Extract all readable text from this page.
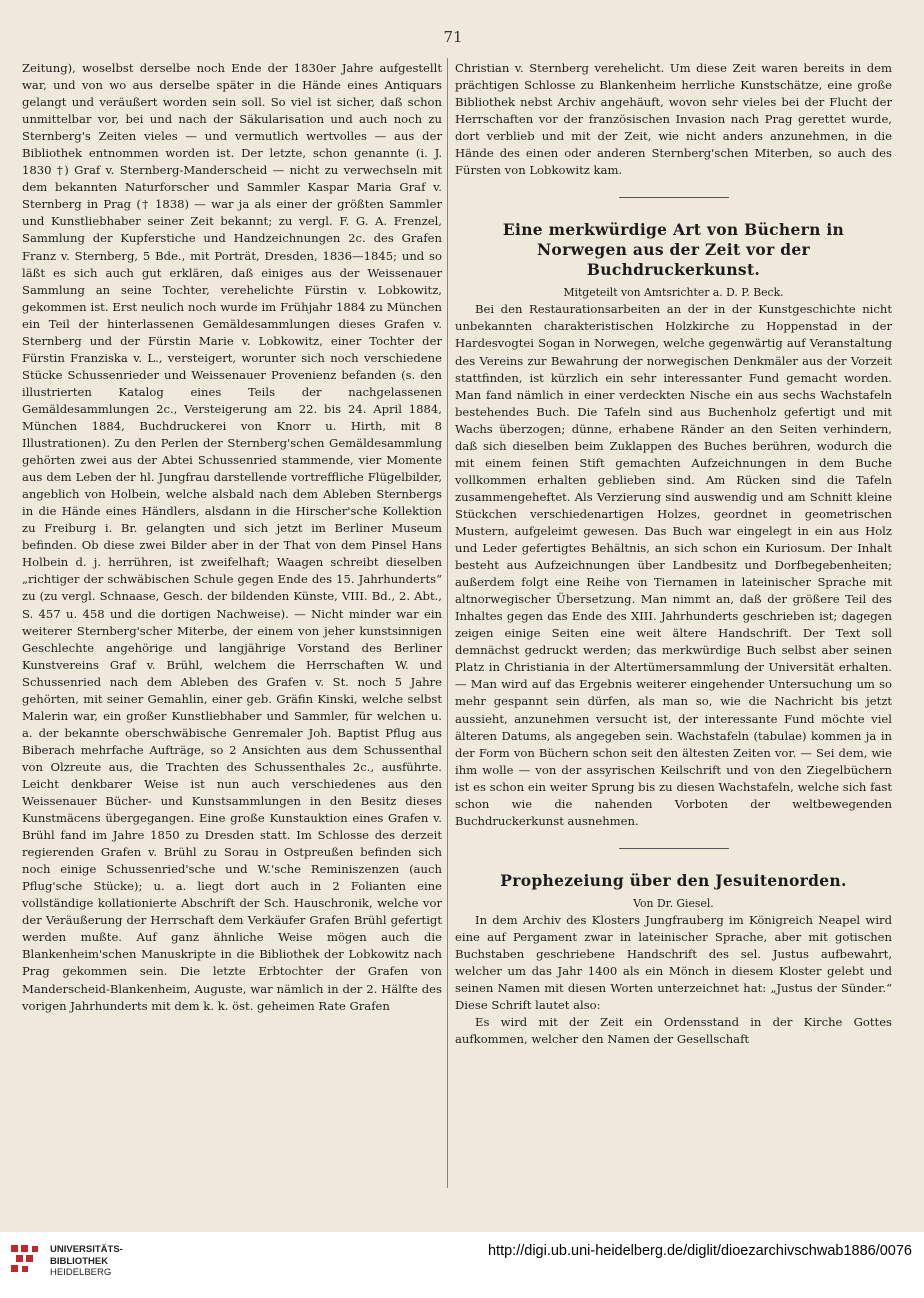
71

Zeitung), woselbst derselbe noch Ende der 1830er Jahre aufgestellt war, und von wo aus derselbe später in die Hände eines Antiquars gelangt und veräußert worden sein soll. So viel ist sicher, daß schon unmittelbar vor, bei und nach der Säkularisation und auch noch zu Sternberg's Zeiten vieles — und vermutlich wertvolles — aus der Bibliothek entnommen worden ist. Der letzte, schon genannte (i. J. 1830 †) Graf v. Sternberg-Manderscheid — nicht zu verwechseln mit dem bekannten Naturforscher und Sammler Kaspar Maria Graf v. Sternberg in Prag († 1838) — war ja als einer der größten Sammler und Kunstliebhaber seiner Zeit bekannt; zu vergl. F. G. A. Frenzel, Sammlung der Kupferstiche und Handzeichnungen 2c. des Grafen Franz v. Sternberg, 5 Bde., mit Porträt, Dresden, 1836—1845; und so läßt es sich auch gut erklären, daß einiges aus der Weissenauer Sammlung an seine Tochter, verehelichte Fürstin v. Lobkowitz, gekommen ist. Erst neulich noch wurde im Frühjahr 1884 zu München ein Teil der hinterlassenen Gemäldesammlungen dieses Grafen v. Sternberg und der Fürstin Marie v. Lobkowitz, einer Tochter der Fürstin Franziska v. L., versteigert, worunter sich noch verschiedene Stücke Schussenrieder und Weissenauer Provenienz befanden (s. den illustrierten Katalog eines Teils der nachgelassenen Gemäldesammlungen 2c., Versteigerung am 22. bis 24. April 1884, München 1884, Buchdruckerei von Knorr u. Hirth, mit 8 Illustrationen). Zu den Perlen der Sternberg'schen Gemäldesammlung gehörten zwei aus der Abtei Schussenried stammende, vier Momente aus dem Leben der hl. Jungfrau darstellende vortreffliche Flügelbilder, angeblich von Holbein, welche alsbald nach dem Ableben Sternbergs in die Hände eines Händlers, alsdann in die Hirscher'sche Kollektion zu Freiburg i. Br. gelangten und sich jetzt im Berliner Museum befinden. Ob diese zwei Bilder aber in der That von dem Pinsel Hans Holbein d. j. herrühren, ist zweifelhaft; Waagen schreibt dieselben „richtiger der schwäbischen Schule gegen Ende des 15. Jahrhunderts“ zu (zu vergl. Schnaase, Gesch. der bildenden Künste, VIII. Bd., 2. Abt., S. 457 u. 458 und die dortigen Nachweise). — Nicht minder war ein weiterer Sternberg'scher Miterbe, der einem von jeher kunstsinnigen Geschlechte angehörige und langjährige Vorstand des Berliner Kunstvereins Graf v. Brühl, welchem die Herrschaften W. und Schussenried nach dem Ableben des Grafen v. St. noch 5 Jahre gehörten, mit seiner Gemahlin, einer geb. Gräfin Kinski, welche selbst Malerin war, ein großer Kunstliebhaber und Sammler, für welchen u. a. der bekannte oberschwäbische Genremaler Joh. Baptist Pflug aus Biberach mehrfache Aufträge, so 2 Ansichten aus dem Schussenthal von Olzreute aus, die Trachten des Schussenthales 2c., ausführte. Leicht denkbarer Weise ist nun auch verschiedenes aus den Weissenauer Bücher- und Kunstsammlungen in den Besitz dieses Kunstmäcens übergegangen. Eine große Kunstauktion eines Grafen v. Brühl fand im Jahre 1850 zu Dresden statt. Im Schlosse des derzeit regierenden Grafen v. Brühl zu Sorau in Ostpreußen befinden sich noch einige Schussenried'sche und W.'sche Reminiszenzen (auch Pflug'sche Stücke); u. a. liegt dort auch in 2 Folianten eine vollständige kollationierte Abschrift der Sch. Hauschronik, welche vor der Veräußerung der Herrschaft dem Verkäufer Grafen Brühl gefertigt werden mußte. Auf ganz ähnliche Weise mögen auch die Blankenheim'schen Manuskripte in die Bibliothek der Lobkowitz nach Prag gekommen sein. Die letzte Erbtochter der Grafen von Manderscheid-Blankenheim, Auguste, war nämlich in der 2. Hälfte des vorigen Jahrhunderts mit dem k. k. öst. geheimen Rate Grafen

Christian v. Sternberg verehelicht. Um diese Zeit waren bereits in dem prächtigen Schlosse zu Blankenheim herrliche Kunstschätze, eine große Bibliothek nebst Archiv angehäuft, wovon sehr vieles bei der Flucht der Herrschaften vor der französischen Invasion nach Prag gerettet wurde, dort verblieb und mit der Zeit, wie nicht anders anzunehmen, in die Hände des einen oder anderen Sternberg'schen Miterben, so auch des Fürsten von Lobkowitz kam.

Eine merkwürdige Art von Büchern in Norwegen aus der Zeit vor der Buchdruckerkunst.

Mitgeteilt von Amtsrichter a. D. P. Beck.

Bei den Restaurationsarbeiten an der in der Kunstgeschichte nicht unbekannten charakteristischen Holzkirche zu Hoppenstad in der Hardesvogtei Sogan in Norwegen, welche gegenwärtig auf Veranstaltung des Vereins zur Bewahrung der norwegischen Denkmäler aus der Vorzeit stattfinden, ist kürzlich ein sehr interessanter Fund gemacht worden. Man fand nämlich in einer verdeckten Nische ein aus sechs Wachstafeln bestehendes Buch. Die Tafeln sind aus Buchenholz gefertigt und mit Wachs überzogen; dünne, erhabene Ränder an den Seiten verhindern, daß sich dieselben beim Zuklappen des Buches berühren, wodurch die mit einem feinen Stift gemachten Aufzeichnungen in dem Buche vollkommen erhalten geblieben sind. Am Rücken sind die Tafeln zusammengeheftet. Als Verzierung sind auswendig und am Schnitt kleine Stückchen verschiedenartigen Holzes, geordnet in geometrischen Mustern, aufgeleimt gewesen. Das Buch war eingelegt in ein aus Holz und Leder gefertigtes Behältnis, an sich schon ein Kuriosum. Der Inhalt besteht aus Aufzeichnungen über Landbesitz und Dorfbegebenheiten; außerdem folgt eine Reihe von Tiernamen in lateinischer Sprache mit altnorwegischer Übersetzung. Man nimmt an, daß der größere Teil des Inhaltes gegen das Ende des XIII. Jahrhunderts geschrieben ist; dagegen zeigen einige Seiten eine weit ältere Handschrift. Der Text soll demnächst gedruckt werden; das merkwürdige Buch selbst aber seinen Platz in Christiania in der Altertümersammlung der Universität erhalten. — Man wird auf das Ergebnis weiterer eingehender Untersuchung um so mehr gespannt sein dürfen, als man so, wie die Nachricht bis jetzt aussieht, anzunehmen versucht ist, der interessante Fund möchte viel älteren Datums, als angegeben sein. Wachstafeln (tabulae) kommen ja in der Form von Büchern schon seit den ältesten Zeiten vor. — Sei dem, wie ihm wolle — von der assyrischen Keilschrift und von den Ziegelbüchern ist es schon ein weiter Sprung bis zu diesen Wachstafeln, welche sich fast schon wie die nahenden Vorboten der weltbewegenden Buchdruckerkunst ausnehmen.

Prophezeiung über den Jesuitenorden.

Von Dr. Giesel.

In dem Archiv des Klosters Jungfrauberg im Königreich Neapel wird eine auf Pergament zwar in lateinischer Sprache, aber mit gotischen Buchstaben geschriebene Handschrift des sel. Justus aufbewahrt, welcher um das Jahr 1400 als ein Mönch in diesem Kloster gelebt und seinen Namen mit diesen Worten unterzeichnet hat: „Justus der Sünder.“ Diese Schrift lautet also:

Es wird mit der Zeit ein Ordensstand in der Kirche Gottes aufkommen, welcher den Namen der Gesellschaft

UNIVERSITÄTS-
BIBLIOTHEK
HEIDELBERG
http://digi.ub.uni-heidelberg.de/diglit/dioezarchivschwab1886/0076
